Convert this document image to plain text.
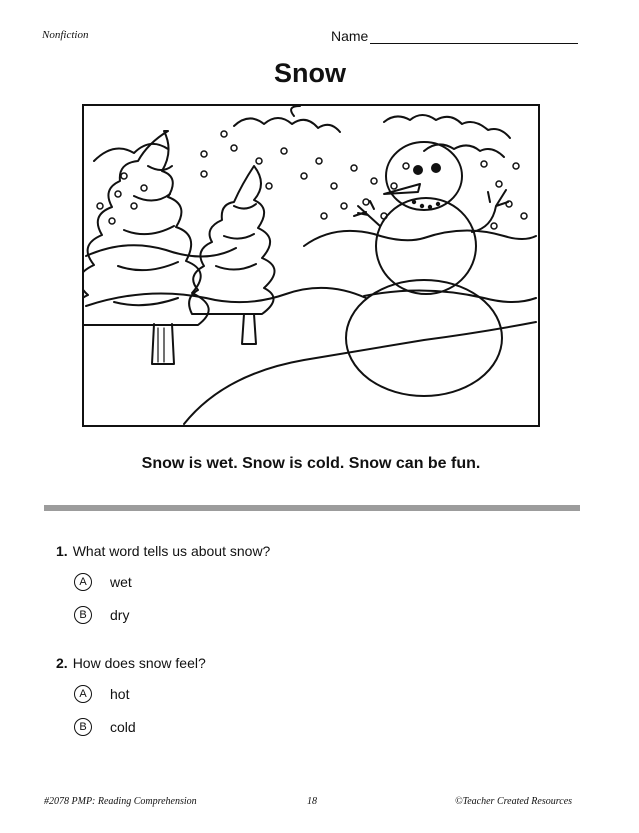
Nonfiction	Name
Snow
Snow is wet. Snow is cold. Snow can be fun.
1. What word tells us about snow?
A	wet
B	dry
2. How does snow feel?
A	hot
B	cold
#2078 PMP: Reading Comprehension	18	©Teacher Created Resources
